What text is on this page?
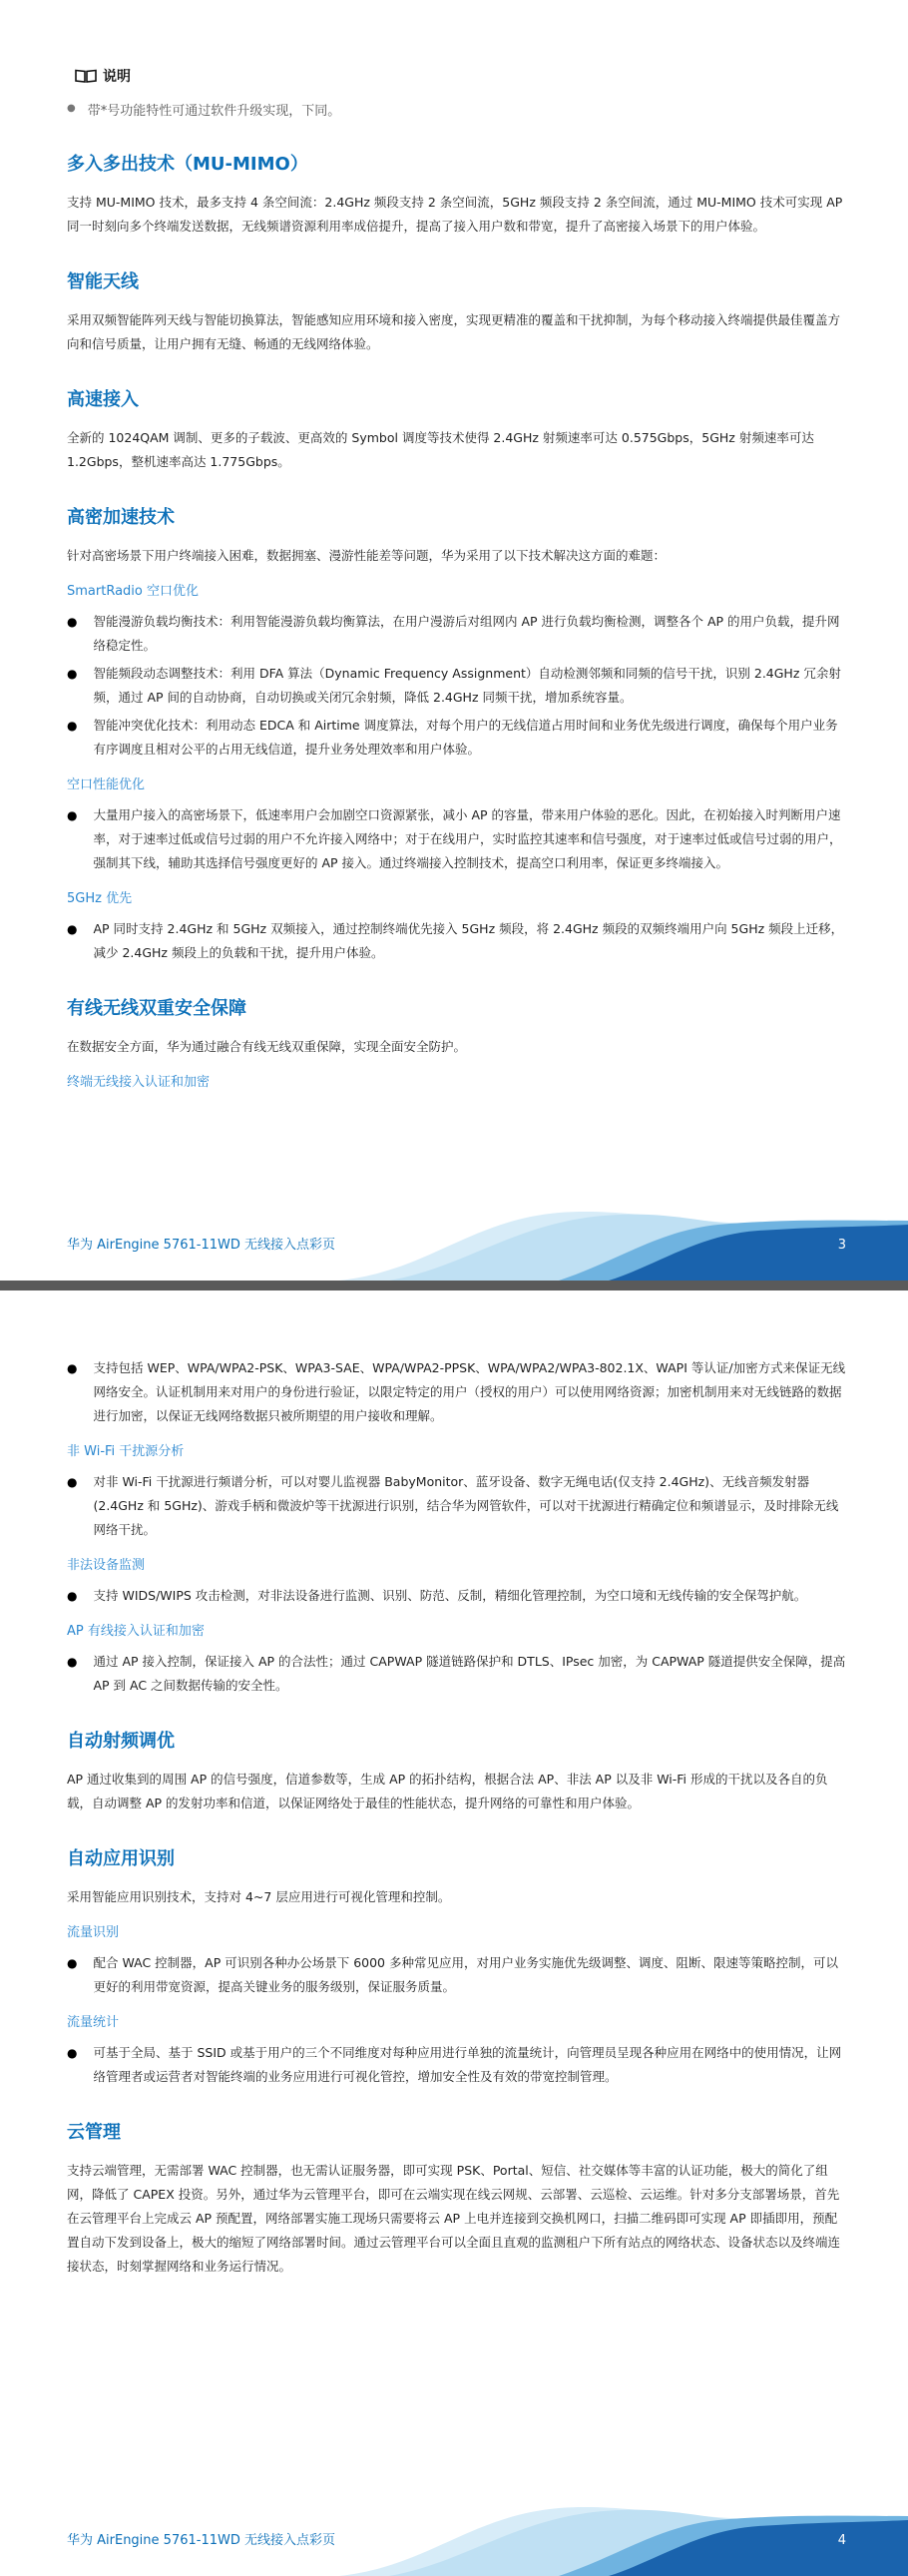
说明
● 带*号功能特性可通过软件升级实现，下同。
多入多出技术（MU-MIMO）

支持 MU-MIMO 技术，最多支持 4 条空间流：2.4GHz 频段支持 2 条空间流，5GHz 频段支持 2 条空间流，通过 MU-MIMO 技术可实现 AP 同一时刻向多个终端发送数据，无线频谱资源利用率成倍提升，提高了接入用户数和带宽，提升了高密接入场景下的用户体验。

智能天线

采用双频智能阵列天线与智能切换算法，智能感知应用环境和接入密度，实现更精准的覆盖和干扰抑制，为每个移动接入终端提供最佳覆盖方向和信号质量，让用户拥有无缝、畅通的无线网络体验。

高速接入

全新的 1024QAM 调制、更多的子载波、更高效的 Symbol 调度等技术使得 2.4GHz 射频速率可达 0.575Gbps，5GHz 射频速率可达 1.2Gbps，整机速率高达 1.775Gbps。

高密加速技术

针对高密场景下用户终端接入困难，数据拥塞、漫游性能差等问题，华为采用了以下技术解决这方面的难题：

SmartRadio 空口优化
● 智能漫游负载均衡技术：利用智能漫游负载均衡算法，在用户漫游后对组网内 AP 进行负载均衡检测，调整各个 AP 的用户负载，提升网络稳定性。
● 智能频段动态调整技术：利用 DFA 算法（Dynamic Frequency Assignment）自动检测邻频和同频的信号干扰，识别 2.4GHz 冗余射频，通过 AP 间的自动协商，自动切换或关闭冗余射频，降低 2.4GHz 同频干扰，增加系统容量。
● 智能冲突优化技术：利用动态 EDCA 和 Airtime 调度算法，对每个用户的无线信道占用时间和业务优先级进行调度，确保每个用户业务有序调度且相对公平的占用无线信道，提升业务处理效率和用户体验。
空口性能优化
● 大量用户接入的高密场景下，低速率用户会加剧空口资源紧张，减小 AP 的容量，带来用户体验的恶化。因此，在初始接入时判断用户速率，对于速率过低或信号过弱的用户不允许接入网络中；对于在线用户，实时监控其速率和信号强度，对于速率过低或信号过弱的用户，强制其下线，辅助其选择信号强度更好的 AP 接入。通过终端接入控制技术，提高空口利用率，保证更多终端接入。
5GHz 优先
● AP 同时支持 2.4GHz 和 5GHz 双频接入，通过控制终端优先接入 5GHz 频段，将 2.4GHz 频段的双频终端用户向 5GHz 频段上迁移，减少 2.4GHz 频段上的负载和干扰，提升用户体验。
有线无线双重安全保障

在数据安全方面，华为通过融合有线无线双重保障，实现全面安全防护。

终端无线接入认证和加密
华为 AirEngine 5761-11WD 无线接入点彩页	3
● 支持包括 WEP、WPA/WPA2-PSK、WPA3-SAE、WPA/WPA2-PPSK、WPA/WPA2/WPA3-802.1X、WAPI 等认证/加密方式来保证无线网络安全。认证机制用来对用户的身份进行验证，以限定特定的用户（授权的用户）可以使用网络资源；加密机制用来对无线链路的数据进行加密，以保证无线网络数据只被所期望的用户接收和理解。
非 Wi-Fi 干扰源分析
● 对非 Wi-Fi 干扰源进行频谱分析，可以对婴儿监视器 BabyMonitor、蓝牙设备、数字无绳电话(仅支持 2.4GHz)、无线音频发射器(2.4GHz 和 5GHz)、游戏手柄和微波炉等干扰源进行识别，结合华为网管软件，可以对干扰源进行精确定位和频谱显示，及时排除无线网络干扰。
非法设备监测
● 支持 WIDS/WIPS 攻击检测，对非法设备进行监测、识别、防范、反制，精细化管理控制，为空口境和无线传输的安全保驾护航。
AP 有线接入认证和加密
● 通过 AP 接入控制，保证接入 AP 的合法性；通过 CAPWAP 隧道链路保护和 DTLS、IPsec 加密，为 CAPWAP 隧道提供安全保障，提高 AP 到 AC 之间数据传输的安全性。
自动射频调优

AP 通过收集到的周围 AP 的信号强度，信道参数等，生成 AP 的拓扑结构，根据合法 AP、非法 AP 以及非 Wi-Fi 形成的干扰以及各自的负载，自动调整 AP 的发射功率和信道，以保证网络处于最佳的性能状态，提升网络的可靠性和用户体验。

自动应用识别

采用智能应用识别技术，支持对 4~7 层应用进行可视化管理和控制。

流量识别
● 配合 WAC 控制器，AP 可识别各种办公场景下 6000 多种常见应用，对用户业务实施优先级调整、调度、阻断、限速等策略控制，可以更好的利用带宽资源，提高关键业务的服务级别，保证服务质量。
流量统计
● 可基于全局、基于 SSID 或基于用户的三个不同维度对每种应用进行单独的流量统计，向管理员呈现各种应用在网络中的使用情况，让网络管理者或运营者对智能终端的业务应用进行可视化管控，增加安全性及有效的带宽控制管理。
云管理

支持云端管理，无需部署 WAC 控制器，也无需认证服务器，即可实现 PSK、Portal、短信、社交媒体等丰富的认证功能，极大的简化了组网，降低了 CAPEX 投资。另外，通过华为云管理平台，即可在云端实现在线云网规、云部署、云巡检、云运维。针对多分支部署场景，首先在云管理平台上完成云 AP 预配置，网络部署实施工现场只需要将云 AP 上电并连接到交换机网口，扫描二维码即可实现 AP 即插即用，预配置自动下发到设备上，极大的缩短了网络部署时间。通过云管理平台可以全面且直观的监测租户下所有站点的网络状态、设备状态以及终端连接状态，时刻掌握网络和业务运行情况。

华为 AirEngine 5761-11WD 无线接入点彩页	4
